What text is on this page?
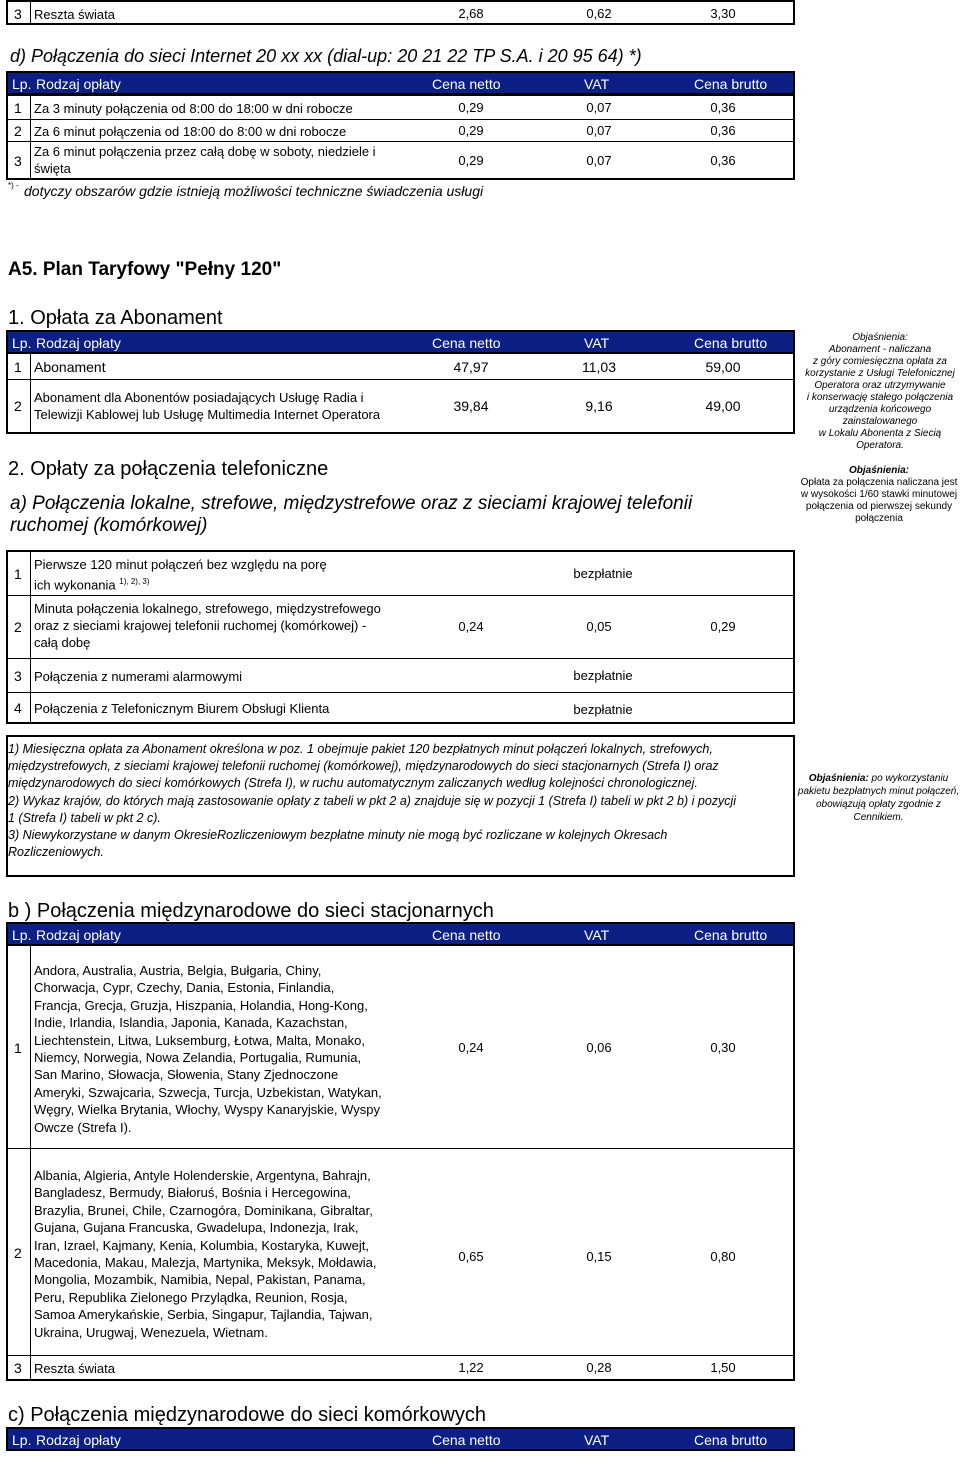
3 Reszta świata	2,68	0,62	3,30
d) Połączenia do sieci Internet 20 xx xx (dial-up: 20 21 22 TP S.A. i 20 95 64) *)
Lp. Rodzaj opłaty	Cena netto	VAT	Cena brutto
1 Za 3 minuty połączenia od 8:00 do 18:00 w dni robocze	0,29	0,07	0,36
2 Za 6 minut połączenia od 18:00 do 8:00 w dni robocze	0,29	0,07	0,36
3
Za 6 minut połączenia przez całą dobę w soboty, niedziele i
święta
0,29	0,07	0,36
*) - dotyczy obszarów gdzie istnieją możliwości techniczne świadczenia usługi
A5. Plan Taryfowy "Pełny 120"
1. Opłata za Abonament
Lp. Rodzaj opłaty	Cena netto	VAT	Cena brutto
1 Abonament	47,97	11,03	59,00
2
Abonament dla Abonentów posiadających Usługę Radia i
Telewizji Kablowej lub Usługę Multimedia Internet Operatora
39,84	9,16	49,00
Objaśnienia:
Abonament - naliczana
z góry comiesięczna opłata za
korzystanie z Usługi Telefonicznej
Operatora oraz utrzymywanie
i konserwację stałego połączenia
urządzenia końcowego
zainstalowanego
w Lokalu Abonenta z Siecią
Operatora.
2. Opłaty za połączenia telefoniczne
a) Połączenia lokalne, strefowe, międzystrefowe oraz z sieciami krajowej telefonii
ruchomej (komórkowej)
Objaśnienia:
Opłata za połączenia naliczana jest
w wysokości 1/60 stawki minutowej
połączenia od pierwszej sekundy
połączenia
1
Pierwsze 120 minut połączeń bez względu na porę
ich wykonania $^{1), 2), 3)}$
bezpłatnie
2
Minuta połączenia lokalnego, strefowego, międzystrefowego
oraz z sieciami krajowej telefonii ruchomej (komórkowej) -
całą dobę
0,24	0,05	0,29
3 Połączenia z numerami alarmowymi	bezpłatnie
4 Połączenia z Telefonicznym Biurem Obsługi Klienta	bezpłatnie
1) Miesięczna opłata za Abonament określona w poz. 1 obejmuje pakiet 120 bezpłatnych minut połączeń lokalnych, strefowych,
międzystrefowych, z sieciami krajowej telefonii ruchomej (komórkowej), międzynarodowych do sieci stacjonarnych (Strefa I) oraz
międzynarodowych do sieci komórkowych (Strefa I), w ruchu automatycznym zaliczanych według kolejności chronologicznej.
2) Wykaz krajów, do których mają zastosowanie opłaty z tabeli w pkt 2 a) znajduje się w pozycji 1 (Strefa I) tabeli w pkt 2 b) i pozycji
1 (Strefa I) tabeli w pkt 2 c).
3) Niewykorzystane w danym OkresieRozliczeniowym bezpłatne minuty nie mogą być rozliczane w kolejnych Okresach
Rozliczeniowych.
Objaśnienia: po wykorzystaniu
pakietu bezpłatnych minut połączeń,
obowiązują opłaty zgodnie z
Cennikiem.
b ) Połączenia międzynarodowe do sieci stacjonarnych
Lp. Rodzaj opłaty	Cena netto	VAT	Cena brutto
1
Andora, Australia, Austria, Belgia, Bułgaria, Chiny,
Chorwacja, Cypr, Czechy, Dania, Estonia, Finlandia,
Francja, Grecja, Gruzja, Hiszpania, Holandia, Hong-Kong,
Indie, Irlandia, Islandia, Japonia, Kanada, Kazachstan,
Liechtenstein, Litwa, Luksemburg, Łotwa, Malta, Monako,
Niemcy, Norwegia, Nowa Zelandia, Portugalia, Rumunia,
San Marino, Słowacja, Słowenia, Stany Zjednoczone
Ameryki, Szwajcaria, Szwecja, Turcja, Uzbekistan, Watykan,
Węgry, Wielka Brytania, Włochy, Wyspy Kanaryjskie, Wyspy
Owcze (Strefa I).
0,24	0,06	0,30
2
Albania, Algieria, Antyle Holenderskie, Argentyna, Bahrajn,
Bangladesz, Bermudy, Białoruś, Bośnia i Hercegowina,
Brazylia, Brunei, Chile, Czarnogóra, Dominikana, Gibraltar,
Gujana, Gujana Francuska, Gwadelupa, Indonezja, Irak,
Iran, Izrael, Kajmany, Kenia, Kolumbia, Kostaryka, Kuwejt,
Macedonia, Makau, Malezja, Martynika, Meksyk, Mołdawia,
Mongolia, Mozambik, Namibia, Nepal, Pakistan, Panama,
Peru, Republika Zielonego Przylądka, Reunion, Rosja,
Samoa Amerykańskie, Serbia, Singapur, Tajlandia, Tajwan,
Ukraina, Urugwaj, Wenezuela, Wietnam.
0,65	0,15	0,80
3 Reszta świata	1,22	0,28	1,50
c) Połączenia międzynarodowe do sieci komórkowych
Lp. Rodzaj opłaty	Cena netto	VAT	Cena brutto
